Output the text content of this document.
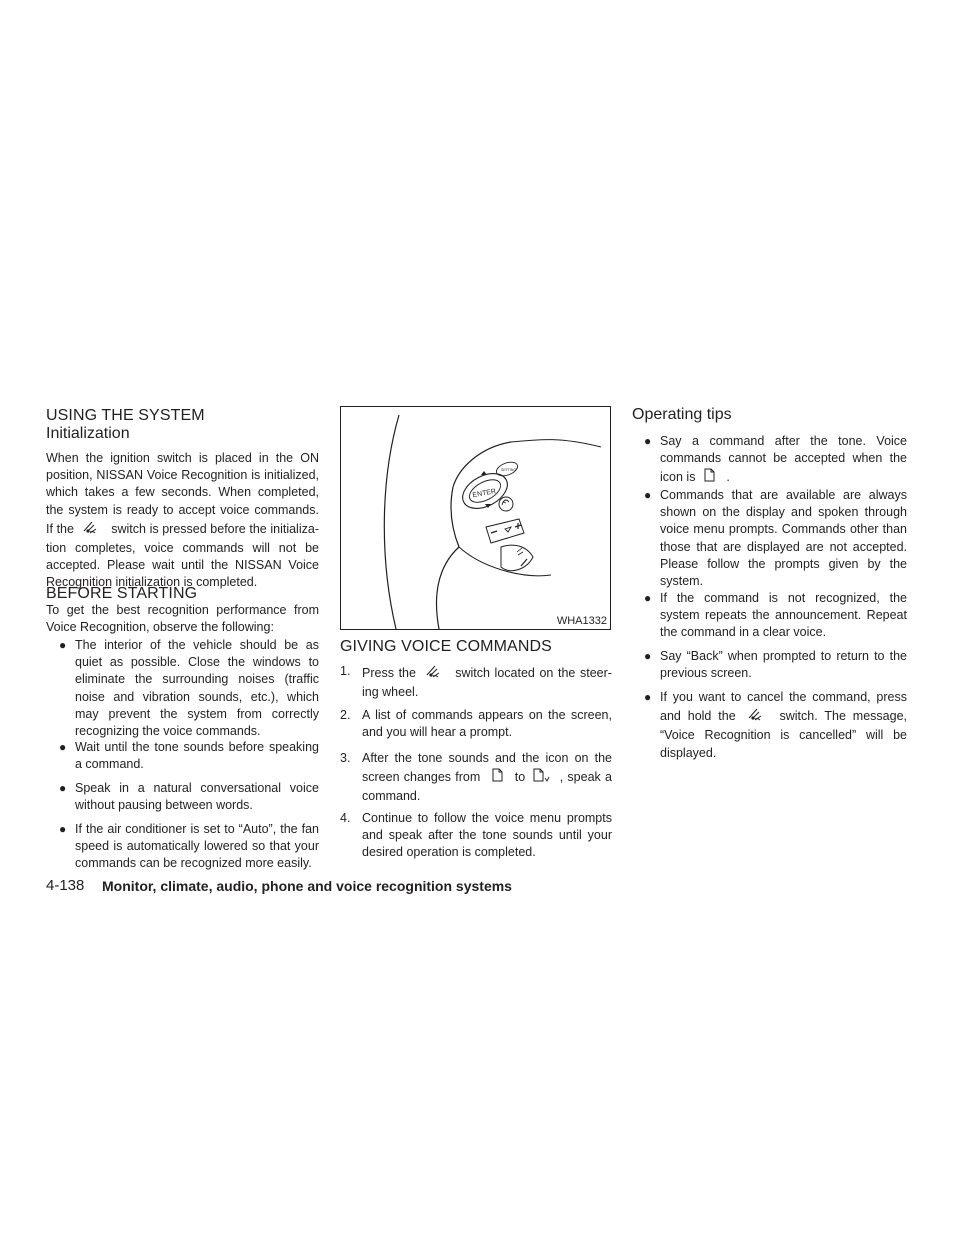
USING THE SYSTEM
Initialization
When the ignition switch is placed in the ON position, NISSAN Voice Recognition is initialized, which takes a few seconds. When completed, the system is ready to accept voice commands. If the	switch is pressed before the initializa- tion completes, voice commands will not be accepted. Please wait until the NISSAN Voice Recognition initialization is completed.
BEFORE STARTING
To get the best recognition performance from Voice Recognition, observe the following:
● The interior of the vehicle should be as quiet as possible. Close the windows to eliminate the surrounding noises (traffic noise and vibration sounds, etc.), which may prevent the system from correctly recognizing the voice commands.
● Wait until the tone sounds before speaking a command.
● Speak in a natural conversational voice without pausing between words.
● If the air conditioner is set to “Auto”, the fan speed is automatically lowered so that your commands can be recognized more easily.
ENTER
SETTING
WHA1332
GIVING VOICE COMMANDS
1. Press the	switch located on the steer- ing wheel.
2. A list of commands appears on the screen, and you will hear a prompt.
3. After the tone sounds and the icon on the screen changes from	to	, speak a command.
4. Continue to follow the voice menu prompts and speak after the tone sounds until your desired operation is completed.
Operating tips
● Say a command after the tone. Voice commands cannot be accepted when the icon is .
● Commands that are available are always shown on the display and spoken through voice menu prompts. Commands other than those that are displayed are not accepted. Please follow the prompts given by the system.
● If the command is not recognized, the system repeats the announcement. Repeat the command in a clear voice.
● Say “Back” when prompted to return to the previous screen.
● If you want to cancel the command, press and hold the	switch. The message, “Voice Recognition is cancelled” will be displayed.
4-138 Monitor, climate, audio, phone and voice recognition systems
